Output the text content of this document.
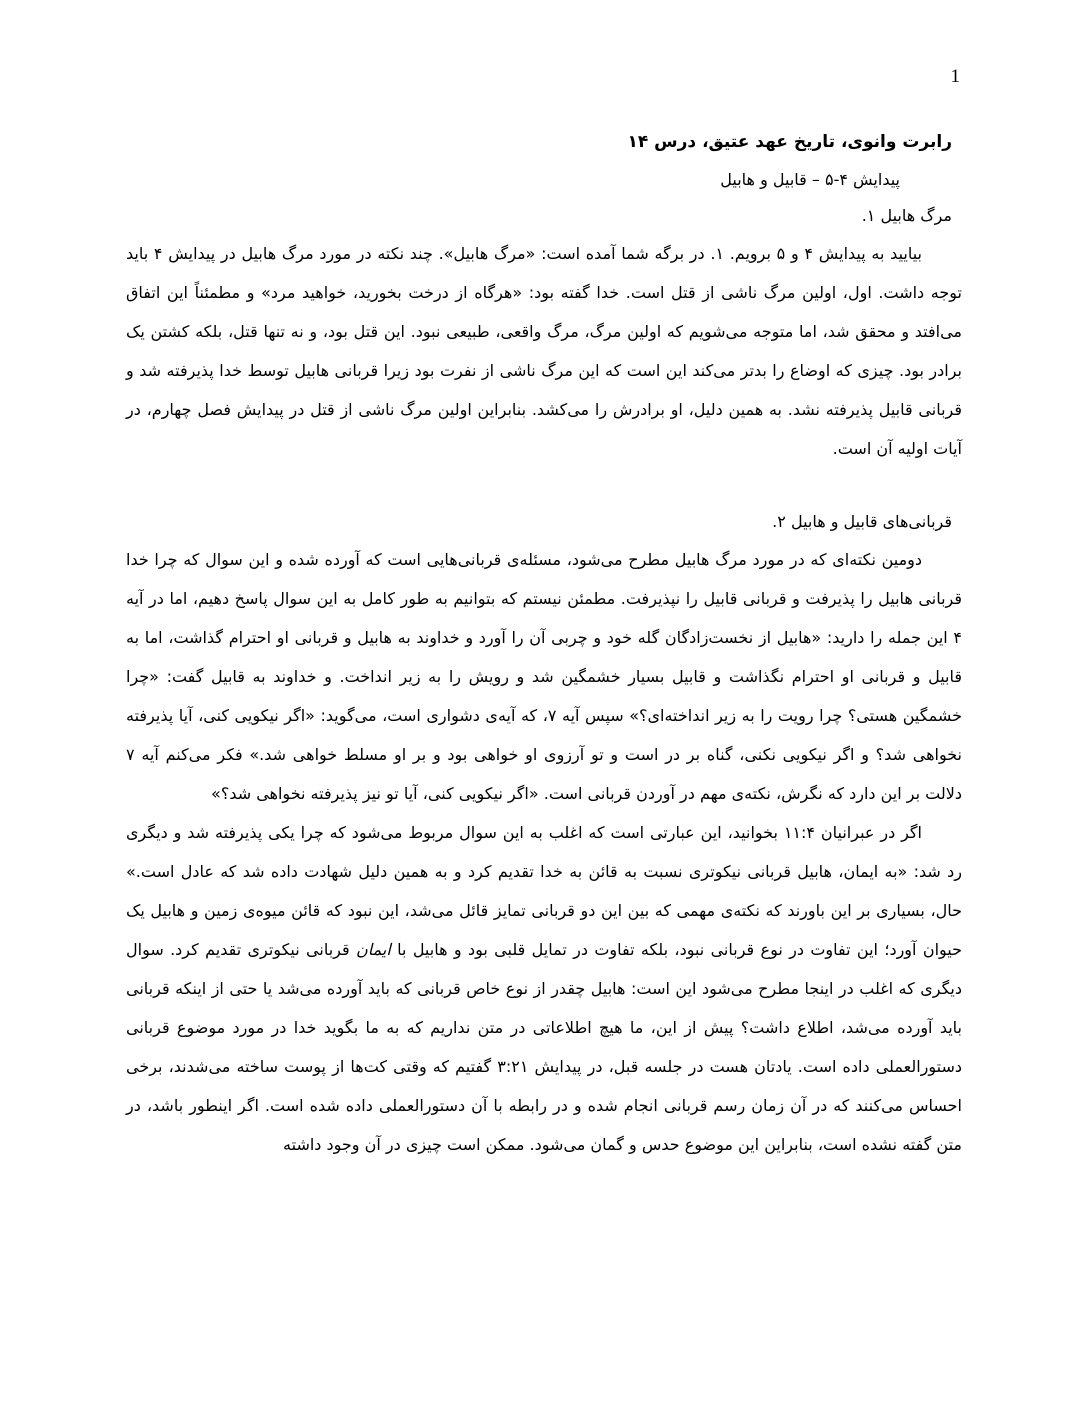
1

رابرت وانوی، تاریخ عهد عتیق، درس ۱۴

پیدایش ۴-۵ – قابیل و هابیل

مرگ هابیل ۱.

بیایید به پیدایش ۴ و ۵ برویم. ۱. در برگه شما آمده است: «مرگ هابیل». چند نکته در مورد مرگ هابیل در پیدایش ۴ باید توجه داشت. اول، اولین مرگ ناشی از قتل است. خدا گفته بود: «هرگاه از درخت بخورید، خواهید مرد» و مطمئناً این اتفاق می‌افتد و محقق شد، اما متوجه می‌شویم که اولین مرگ، مرگ واقعی، طبیعی نبود. این قتل بود، و نه تنها قتل، بلکه کشتن یک برادر بود. چیزی که اوضاع را بدتر می‌کند این است که این مرگ ناشی از نفرت بود زیرا قربانی هابیل توسط خدا پذیرفته شد و قربانی قابیل پذیرفته نشد. به همین دلیل، او برادرش را می‌کشد. بنابراین اولین مرگ ناشی از قتل در پیدایش فصل چهارم، در آیات اولیه آن است.

قربانی‌های قابیل و هابیل ۲.

دومین نکته‌ای که در مورد مرگ هابیل مطرح می‌شود، مسئله‌ی قربانی‌هایی است که آورده شده و این سوال که چرا خدا قربانی هابیل را پذیرفت و قربانی قابیل را نپذیرفت. مطمئن نیستم که بتوانیم به طور کامل به این سوال پاسخ دهیم، اما در آیه ۴ این جمله را دارید: «هابیل از نخست‌زادگان گله خود و چربی آن را آورد و خداوند به هابیل و قربانی او احترام گذاشت، اما به قابیل و قربانی او احترام نگذاشت و قابیل بسیار خشمگین شد و رویش را به زیر انداخت. و خداوند به قابیل گفت: «چرا خشمگین هستی؟ چرا رویت را به زیر انداخته‌ای؟» سپس آیه ۷، که آیه‌ی دشواری است، می‌گوید: «اگر نیکویی کنی، آیا پذیرفته نخواهی شد؟ و اگر نیکویی نکنی، گناه بر در است و تو آرزوی او خواهی بود و بر او مسلط خواهی شد.» فکر می‌کنم آیه ۷ دلالت بر این دارد که نگرش، نکته‌ی مهم در آوردن قربانی است. «اگر نیکویی کنی، آیا تو نیز پذیرفته نخواهی شد؟»

اگر در عبرانیان ۱۱:۴ بخوانید، این عبارتی است که اغلب به این سوال مربوط می‌شود که چرا یکی پذیرفته شد و دیگری رد شد: «به ایمان، هابیل قربانی نیکوتری نسبت به قائن به خدا تقدیم کرد و به همین دلیل شهادت داده شد که عادل است.» حال، بسیاری بر این باورند که نکته‌ی مهمی که بین این دو قربانی تمایز قائل می‌شد، این نبود که قائن میوه‌ی زمین و هابیل یک حیوان آورد؛ این تفاوت در نوع قربانی نبود، بلکه تفاوت در تمایل قلبی بود و هابیل با ایمان قربانی نیکوتری تقدیم کرد. سوال دیگری که اغلب در اینجا مطرح می‌شود این است: هابیل چقدر از نوع خاص قربانی که باید آورده می‌شد یا حتی از اینکه قربانی باید آورده می‌شد، اطلاع داشت؟ پیش از این، ما هیچ اطلاعاتی در متن نداریم که به ما بگوید خدا در مورد موضوع قربانی دستورالعملی داده است. یادتان هست در جلسه قبل، در پیدایش ۳:۲۱ گفتیم که وقتی کت‌ها از پوست ساخته می‌شدند، برخی احساس می‌کنند که در آن زمان رسم قربانی انجام شده و در رابطه با آن دستورالعملی داده شده است. اگر اینطور باشد، در متن گفته نشده است، بنابراین این موضوع حدس و گمان می‌شود. ممکن است چیزی در آن وجود داشته
